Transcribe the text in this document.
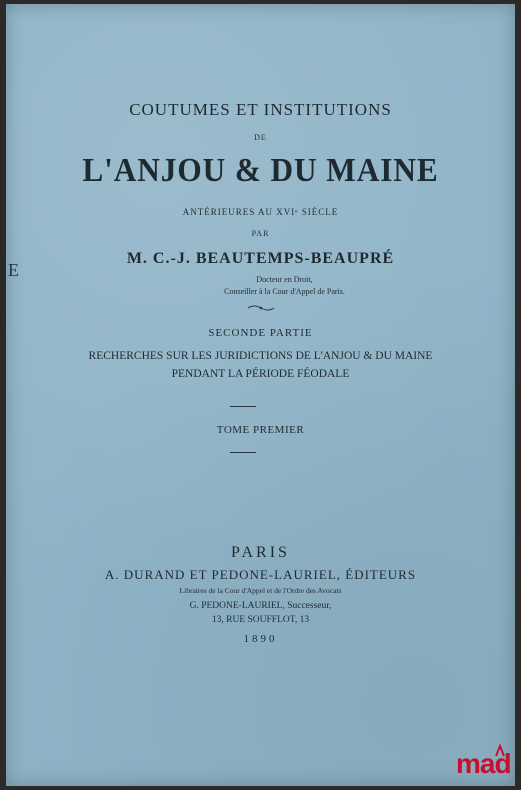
E
COUTUMES ET INSTITUTIONS
DE
L'ANJOU & DU MAINE
ANTÉRIEURES AU XVIᵉ SIÈCLE
PAR
M. C.-J. BEAUTEMPS-BEAUPRÉ
Docteur en Droit,
Conseiller à la Cour d'Appel de Paris.
SECONDE PARTIE
RECHERCHES SUR LES JURIDICTIONS DE L'ANJOU & DU MAINE
PENDANT LA PÉRIODE FÉODALE
TOME PREMIER
PARIS
A. DURAND ET PEDONE-LAURIEL, ÉDITEURS
Libraires de la Cour d'Appel et de l'Ordre des Avocats
G. PEDONE-LAURIEL, Successeur,
13, RUE SOUFFLOT, 13
1890
mad
